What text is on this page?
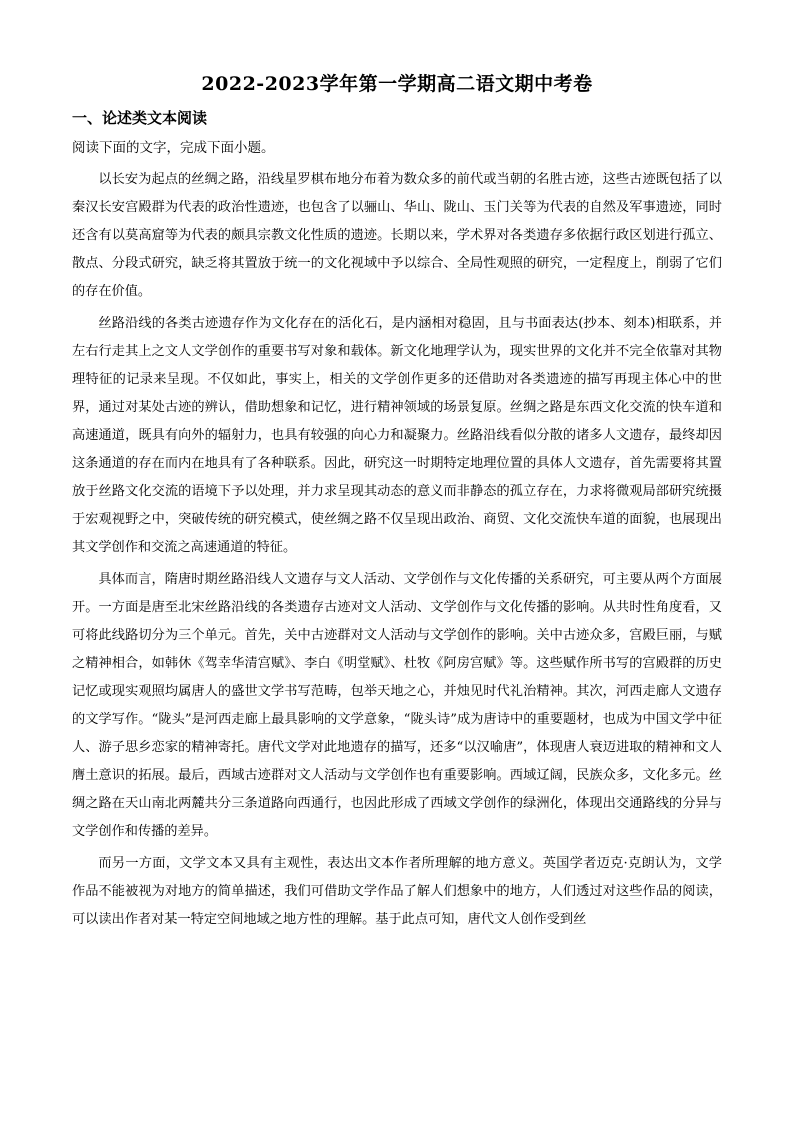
2022-2023学年第一学期高二语文期中考卷
一、论述类文本阅读
阅读下面的文字，完成下面小题。

以长安为起点的丝绸之路，沿线星罗棋布地分布着为数众多的前代或当朝的名胜古迹，这些古迹既包括了以秦汉长安宫殿群为代表的政治性遗迹，也包含了以骊山、华山、陇山、玉门关等为代表的自然及军事遗迹，同时还含有以莫高窟等为代表的颇具宗教文化性质的遗迹。长期以来，学术界对各类遗存多依据行政区划进行孤立、散点、分段式研究，缺乏将其置放于统一的文化视域中予以综合、全局性观照的研究，一定程度上，削弱了它们的存在价值。

丝路沿线的各类古迹遗存作为文化存在的活化石，是内涵相对稳固，且与书面表达(抄本、刻本)相联系，并左右行走其上之文人文学创作的重要书写对象和载体。新文化地理学认为，现实世界的文化并不完全依靠对其物理特征的记录来呈现。不仅如此，事实上，相关的文学创作更多的还借助对各类遗迹的描写再现主体心中的世界，通过对某处古迹的辨认，借助想象和记忆，进行精神领域的场景复原。丝绸之路是东西文化交流的快车道和高速通道，既具有向外的辐射力，也具有较强的向心力和凝聚力。丝路沿线看似分散的诸多人文遗存，最终却因这条通道的存在而内在地具有了各种联系。因此，研究这一时期特定地理位置的具体人文遗存，首先需要将其置放于丝路文化交流的语境下予以处理，并力求呈现其动态的意义而非静态的孤立存在，力求将微观局部研究统摄于宏观视野之中，突破传统的研究模式，使丝绸之路不仅呈现出政治、商贸、文化交流快车道的面貌，也展现出其文学创作和交流之高速通道的特征。

具体而言，隋唐时期丝路沿线人文遗存与文人活动、文学创作与文化传播的关系研究，可主要从两个方面展开。一方面是唐至北宋丝路沿线的各类遗存古迹对文人活动、文学创作与文化传播的影响。从共时性角度看，又可将此线路切分为三个单元。首先，关中古迹群对文人活动与文学创作的影响。关中古迹众多，宫殿巨丽，与赋之精神相合，如韩休《驾幸华清宫赋》、李白《明堂赋》、杜牧《阿房宫赋》等。这些赋作所书写的宫殿群的历史记忆或现实观照均属唐人的盛世文学书写范畴，包举天地之心，并烛见时代礼治精神。其次，河西走廊人文遗存的文学写作。“陇头”是河西走廊上最具影响的文学意象，“陇头诗”成为唐诗中的重要题材，也成为中国文学中征人、游子思乡恋家的精神寄托。唐代文学对此地遗存的描写，还多“以汉喻唐”，体现唐人衰迈进取的精神和文人膺土意识的拓展。最后，西域古迹群对文人活动与文学创作也有重要影响。西域辽阔，民族众多，文化多元。丝绸之路在天山南北两麓共分三条道路向西通行，也因此形成了西域文学创作的绿洲化，体现出交通路线的分异与文学创作和传播的差异。

而另一方面，文学文本又具有主观性，表达出文本作者所理解的地方意义。英国学者迈克·克朗认为，文学作品不能被视为对地方的简单描述，我们可借助文学作品了解人们想象中的地方，人们透过对这些作品的阅读，可以读出作者对某一特定空间地域之地方性的理解。基于此点可知，唐代文人创作受到丝
